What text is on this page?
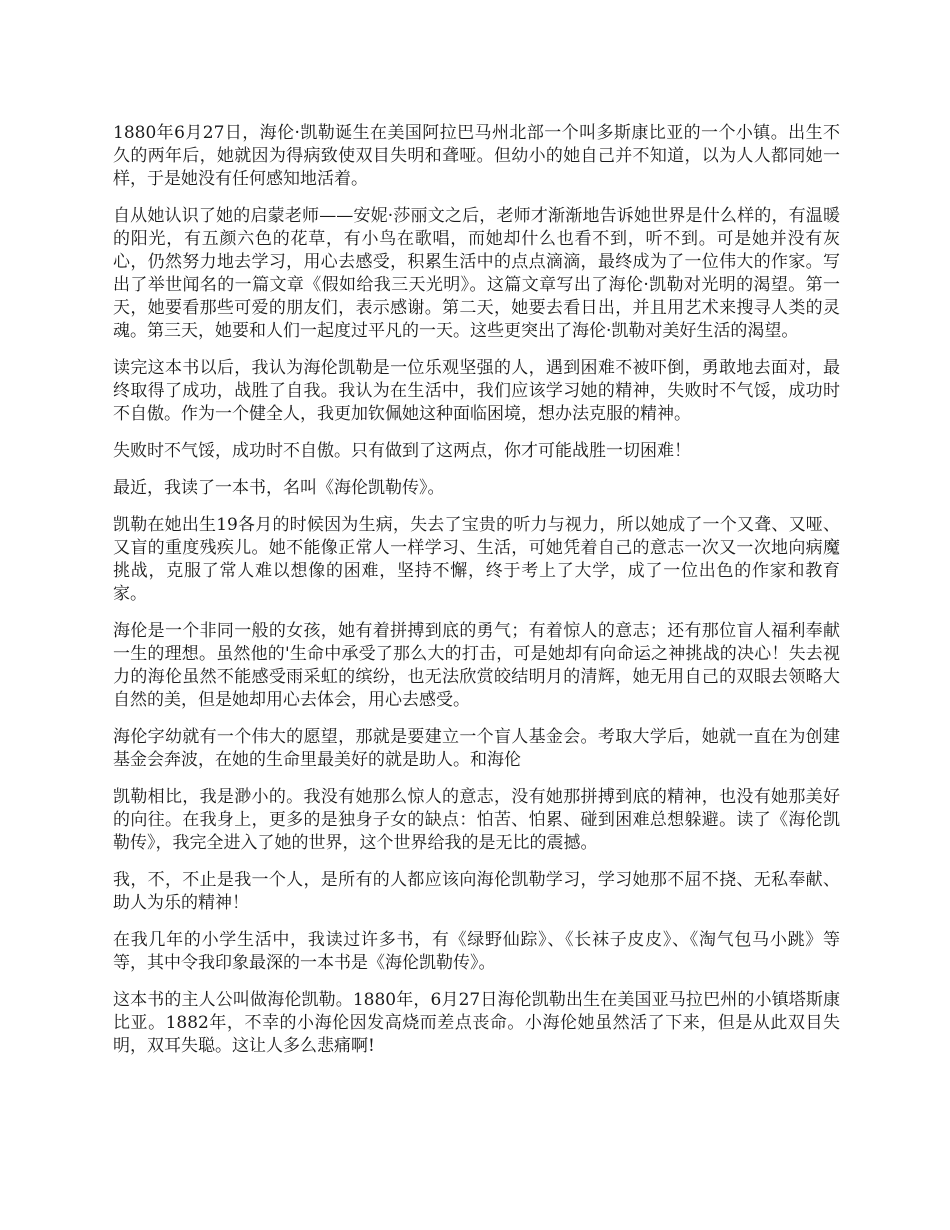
1880年6月27日，海伦·凯勒诞生在美国阿拉巴马州北部一个叫多斯康比亚的一个小镇。出生不久的两年后，她就因为得病致使双目失明和聋哑。但幼小的她自己并不知道，以为人人都同她一样，于是她没有任何感知地活着。

自从她认识了她的启蒙老师——安妮·莎丽文之后，老师才渐渐地告诉她世界是什么样的，有温暖的阳光，有五颜六色的花草，有小鸟在歌唱，而她却什么也看不到，听不到。可是她并没有灰心，仍然努力地去学习，用心去感受，积累生活中的点点滴滴，最终成为了一位伟大的作家。写出了举世闻名的一篇文章《假如给我三天光明》。这篇文章写出了海伦·凯勒对光明的渴望。第一天，她要看那些可爱的朋友们，表示感谢。第二天，她要去看日出，并且用艺术来搜寻人类的灵魂。第三天，她要和人们一起度过平凡的一天。这些更突出了海伦·凯勒对美好生活的渴望。

读完这本书以后，我认为海伦凯勒是一位乐观坚强的人，遇到困难不被吓倒，勇敢地去面对，最终取得了成功，战胜了自我。我认为在生活中，我们应该学习她的精神，失败时不气馁，成功时不自傲。作为一个健全人，我更加钦佩她这种面临困境，想办法克服的精神。

失败时不气馁，成功时不自傲。只有做到了这两点，你才可能战胜一切困难！

最近，我读了一本书，名叫《海伦凯勒传》。

凯勒在她出生19各月的时候因为生病，失去了宝贵的听力与视力，所以她成了一个又聋、又哑、又盲的重度残疾儿。她不能像正常人一样学习、生活，可她凭着自己的意志一次又一次地向病魔挑战，克服了常人难以想像的困难，坚持不懈，终于考上了大学，成了一位出色的作家和教育家。

海伦是一个非同一般的女孩，她有着拼搏到底的勇气；有着惊人的意志；还有那位盲人福利奉献一生的理想。虽然他的'生命中承受了那么大的打击，可是她却有向命运之神挑战的决心！失去视力的海伦虽然不能感受雨采虹的缤纷，也无法欣赏皎结明月的清辉，她无用自己的双眼去领略大自然的美，但是她却用心去体会，用心去感受。

海伦字幼就有一个伟大的愿望，那就是要建立一个盲人基金会。考取大学后，她就一直在为创建基金会奔波，在她的生命里最美好的就是助人。和海伦

凯勒相比，我是渺小的。我没有她那么惊人的意志，没有她那拼搏到底的精神，也没有她那美好的向往。在我身上，更多的是独身子女的缺点：怕苦、怕累、碰到困难总想躲避。读了《海伦凯勒传》，我完全进入了她的世界，这个世界给我的是无比的震撼。

我，不，不止是我一个人，是所有的人都应该向海伦凯勒学习，学习她那不屈不挠、无私奉献、助人为乐的精神！

在我几年的小学生活中，我读过许多书，有《绿野仙踪》、《长袜子皮皮》、《淘气包马小跳》等等，其中令我印象最深的一本书是《海伦凯勒传》。

这本书的主人公叫做海伦凯勒。1880年，6月27日海伦凯勒出生在美国亚马拉巴州的小镇塔斯康比亚。1882年，不幸的小海伦因发高烧而差点丧命。小海伦她虽然活了下来，但是从此双目失明，双耳失聪。这让人多么悲痛啊!
